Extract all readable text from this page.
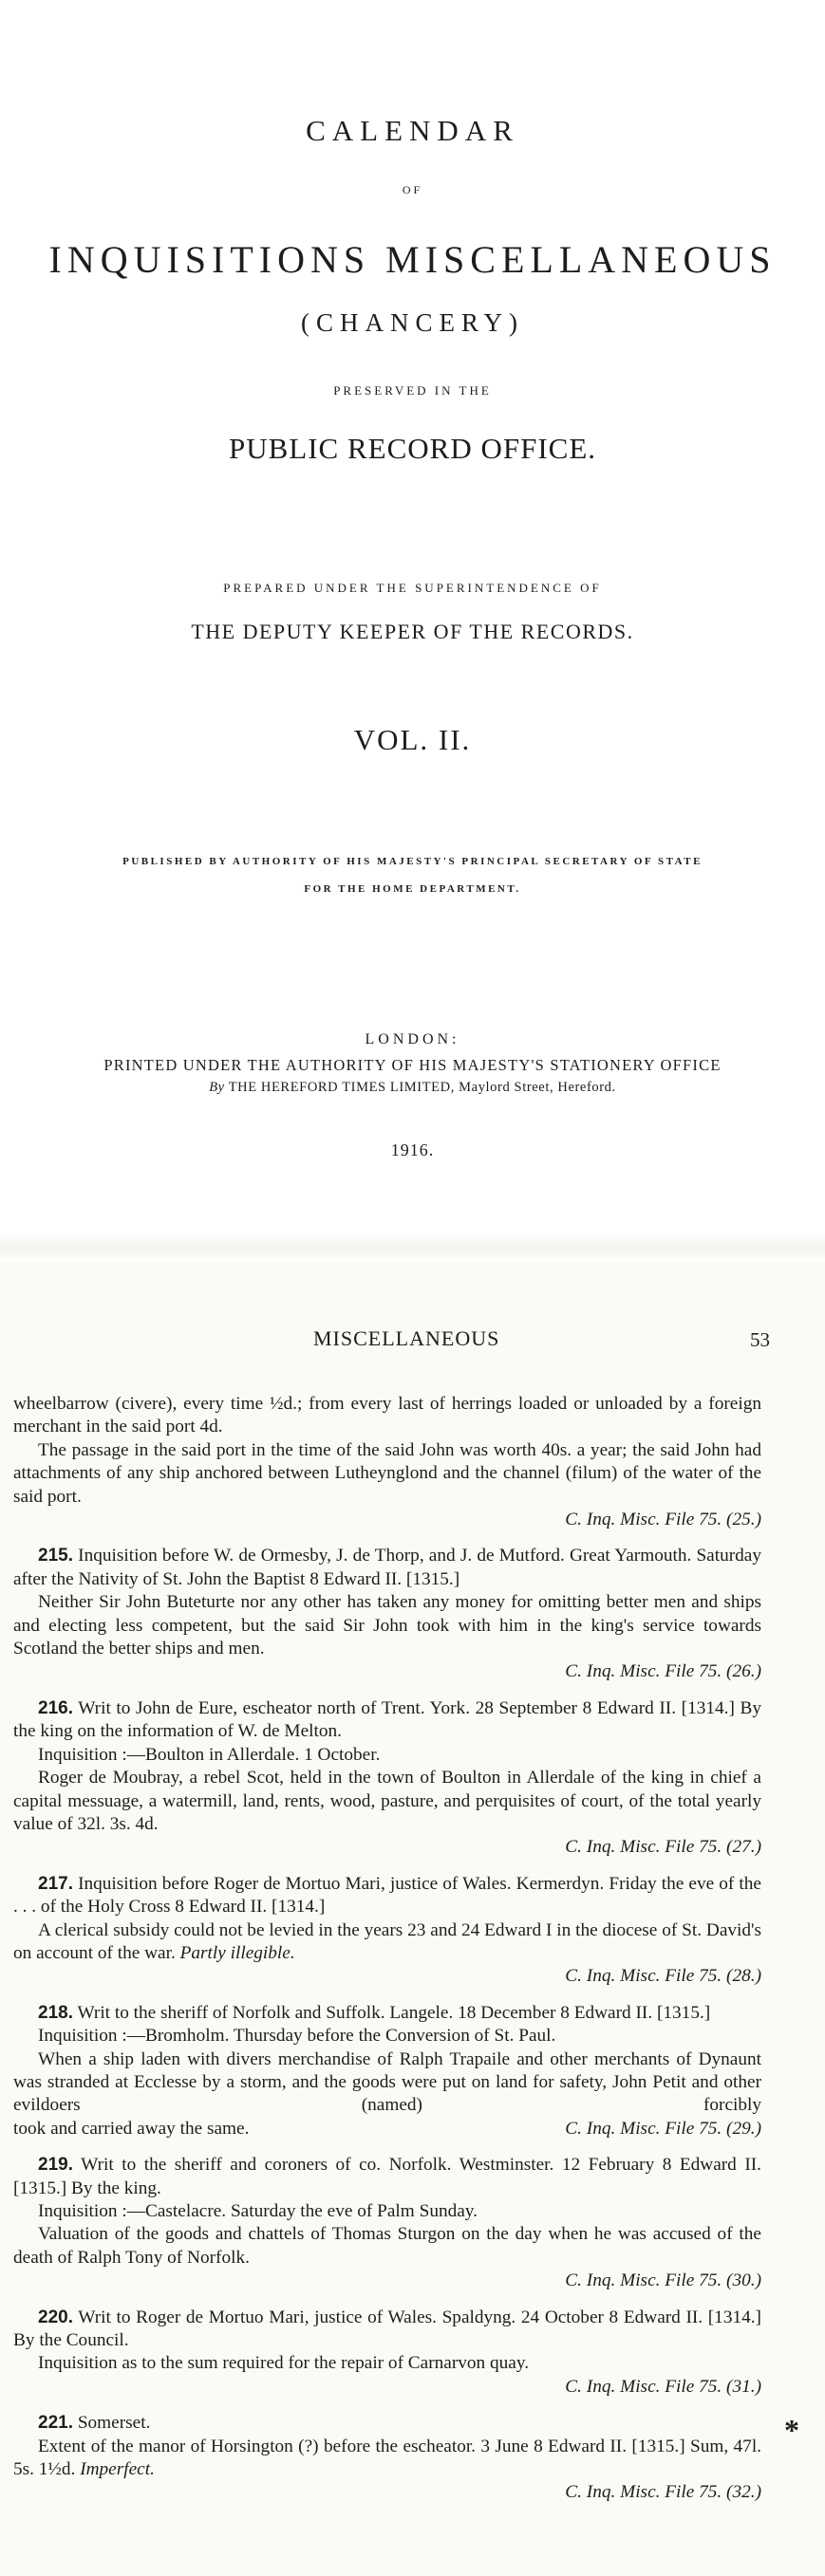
CALENDAR
OF
INQUISITIONS MISCELLANEOUS
(CHANCERY)
PRESERVED IN THE
PUBLIC RECORD OFFICE.
PREPARED UNDER THE SUPERINTENDENCE OF
THE DEPUTY KEEPER OF THE RECORDS.
VOL. II.
PUBLISHED BY AUTHORITY OF HIS MAJESTY'S PRINCIPAL SECRETARY OF STATE
FOR THE HOME DEPARTMENT.
LONDON:
PRINTED UNDER THE AUTHORITY OF HIS MAJESTY'S STATIONERY OFFICE
By THE HEREFORD TIMES LIMITED, Maylord Street, Hereford.
1916.
MISCELLANEOUS	53

wheelbarrow (civere), every time ½d.; from every last of herrings loaded or unloaded by a foreign merchant in the said port 4d.

The passage in the said port in the time of the said John was worth 40s. a year; the said John had attachments of any ship anchored between Lutheynglond and the channel (filum) of the water of the said port.

C. Inq. Misc. File 75. (25.)

215. Inquisition before W. de Ormesby, J. de Thorp, and J. de Mutford. Great Yarmouth. Saturday after the Nativity of St. John the Baptist 8 Edward II. [1315.]

Neither Sir John Buteturte nor any other has taken any money for omitting better men and ships and electing less competent, but the said Sir John took with him in the king's service towards Scotland the better ships and men.

C. Inq. Misc. File 75. (26.)

216. Writ to John de Eure, escheator north of Trent. York. 28 September 8 Edward II. [1314.] By the king on the information of W. de Melton.

Inquisition :—Boulton in Allerdale. 1 October.

Roger de Moubray, a rebel Scot, held in the town of Boulton in Allerdale of the king in chief a capital messuage, a watermill, land, rents, wood, pasture, and perquisites of court, of the total yearly value of 32l. 3s. 4d.

C. Inq. Misc. File 75. (27.)

217. Inquisition before Roger de Mortuo Mari, justice of Wales. Kermerdyn. Friday the eve of the . . . of the Holy Cross 8 Edward II. [1314.]

A clerical subsidy could not be levied in the years 23 and 24 Edward I in the diocese of St. David's on account of the war. Partly illegible.

C. Inq. Misc. File 75. (28.)

218. Writ to the sheriff of Norfolk and Suffolk. Langele. 18 December 8 Edward II. [1315.]

Inquisition :—Bromholm. Thursday before the Conversion of St. Paul.

When a ship laden with divers merchandise of Ralph Trapaile and other merchants of Dynaunt was stranded at Ecclesse by a storm, and the goods were put on land for safety, John Petit and other evildoers (named) forcibly

took and carried away the same.	C. Inq. Misc. File 75. (29.)

219. Writ to the sheriff and coroners of co. Norfolk. Westminster. 12 February 8 Edward II. [1315.] By the king.

Inquisition :—Castelacre. Saturday the eve of Palm Sunday.

Valuation of the goods and chattels of Thomas Sturgon on the day when he was accused of the death of Ralph Tony of Norfolk.

C. Inq. Misc. File 75. (30.)

220. Writ to Roger de Mortuo Mari, justice of Wales. Spaldyng. 24 October 8 Edward II. [1314.] By the Council.

Inquisition as to the sum required for the repair of Carnarvon quay.

C. Inq. Misc. File 75. (31.)

221. Somerset.

Extent of the manor of Horsington (?) before the escheator. 3 June 8 Edward II. [1315.] Sum, 47l. 5s. 1½d. Imperfect.

C. Inq. Misc. File 75. (32.)

*
